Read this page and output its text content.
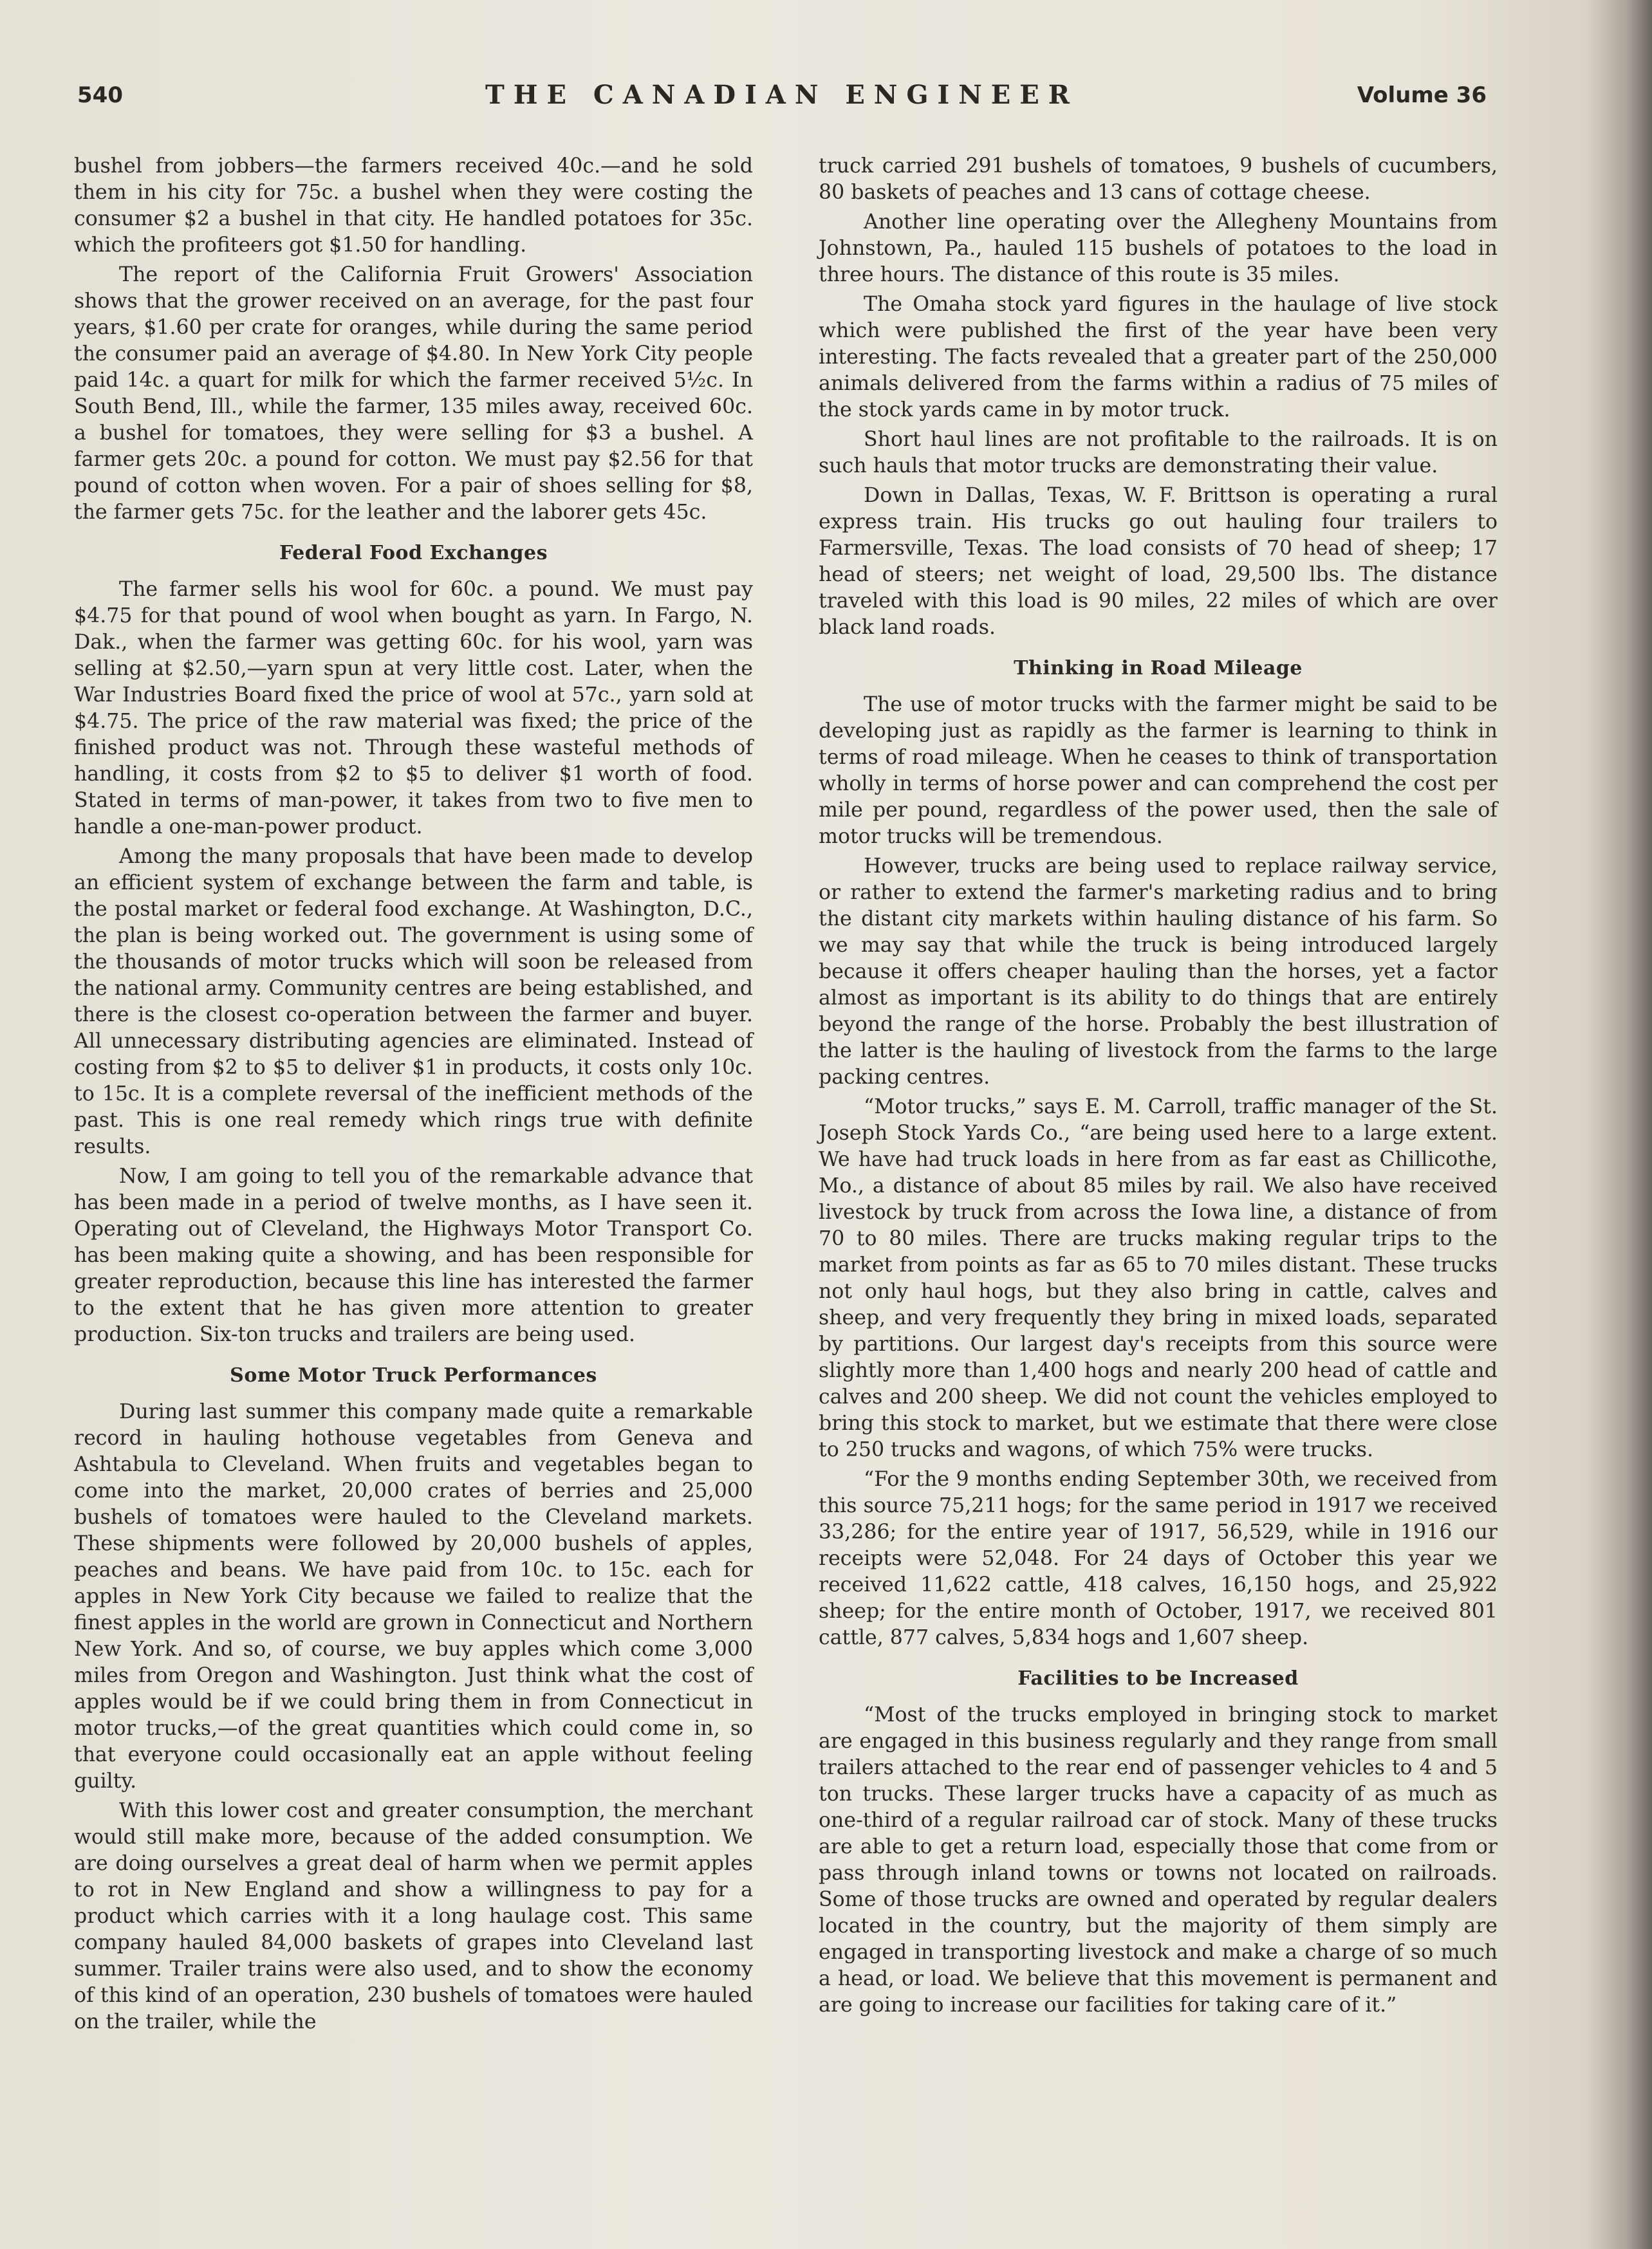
540	THE CANADIAN ENGINEER	Volume 36

bushel from jobbers—the farmers received 40c.—and he sold them in his city for 75c. a bushel when they were costing the consumer $2 a bushel in that city. He handled potatoes for 35c. which the profiteers got $1.50 for handling.

The report of the California Fruit Growers' Association shows that the grower received on an average, for the past four years, $1.60 per crate for oranges, while during the same period the consumer paid an average of $4.80. In New York City people paid 14c. a quart for milk for which the farmer received 5½c. In South Bend, Ill., while the farmer, 135 miles away, received 60c. a bushel for tomatoes, they were selling for $3 a bushel. A farmer gets 20c. a pound for cotton. We must pay $2.56 for that pound of cotton when woven. For a pair of shoes selling for $8, the farmer gets 75c. for the leather and the laborer gets 45c.

Federal Food Exchanges

The farmer sells his wool for 60c. a pound. We must pay $4.75 for that pound of wool when bought as yarn. In Fargo, N. Dak., when the farmer was getting 60c. for his wool, yarn was selling at $2.50,—yarn spun at very little cost. Later, when the War Industries Board fixed the price of wool at 57c., yarn sold at $4.75. The price of the raw material was fixed; the price of the finished product was not. Through these wasteful methods of handling, it costs from $2 to $5 to deliver $1 worth of food. Stated in terms of man-power, it takes from two to five men to handle a one-man-power product.

Among the many proposals that have been made to develop an efficient system of exchange between the farm and table, is the postal market or federal food exchange. At Washington, D.C., the plan is being worked out. The government is using some of the thousands of motor trucks which will soon be released from the national army. Community centres are being established, and there is the closest co-operation between the farmer and buyer. All unnecessary distributing agencies are eliminated. Instead of costing from $2 to $5 to deliver $1 in products, it costs only 10c. to 15c. It is a complete reversal of the inefficient methods of the past. This is one real remedy which rings true with definite results.

Now, I am going to tell you of the remarkable advance that has been made in a period of twelve months, as I have seen it. Operating out of Cleveland, the Highways Motor Transport Co. has been making quite a showing, and has been responsible for greater reproduction, because this line has interested the farmer to the extent that he has given more attention to greater production. Six-ton trucks and trailers are being used.

Some Motor Truck Performances

During last summer this company made quite a remarkable record in hauling hothouse vegetables from Geneva and Ashtabula to Cleveland. When fruits and vegetables began to come into the market, 20,000 crates of berries and 25,000 bushels of tomatoes were hauled to the Cleveland markets. These shipments were followed by 20,000 bushels of apples, peaches and beans. We have paid from 10c. to 15c. each for apples in New York City because we failed to realize that the finest apples in the world are grown in Connecticut and Northern New York. And so, of course, we buy apples which come 3,000 miles from Oregon and Washington. Just think what the cost of apples would be if we could bring them in from Connecticut in motor trucks,—of the great quantities which could come in, so that everyone could occasionally eat an apple without feeling guilty.

With this lower cost and greater consumption, the merchant would still make more, because of the added consumption. We are doing ourselves a great deal of harm when we permit apples to rot in New England and show a willingness to pay for a product which carries with it a long haulage cost. This same company hauled 84,000 baskets of grapes into Cleveland last summer. Trailer trains were also used, and to show the economy of this kind of an operation, 230 bushels of tomatoes were hauled on the trailer, while the

truck carried 291 bushels of tomatoes, 9 bushels of cucumbers, 80 baskets of peaches and 13 cans of cottage cheese.

Another line operating over the Allegheny Mountains from Johnstown, Pa., hauled 115 bushels of potatoes to the load in three hours. The distance of this route is 35 miles.

The Omaha stock yard figures in the haulage of live stock which were published the first of the year have been very interesting. The facts revealed that a greater part of the 250,000 animals delivered from the farms within a radius of 75 miles of the stock yards came in by motor truck.

Short haul lines are not profitable to the railroads. It is on such hauls that motor trucks are demonstrating their value.

Down in Dallas, Texas, W. F. Brittson is operating a rural express train. His trucks go out hauling four trailers to Farmersville, Texas. The load consists of 70 head of sheep; 17 head of steers; net weight of load, 29,500 lbs. The distance traveled with this load is 90 miles, 22 miles of which are over black land roads.

Thinking in Road Mileage

The use of motor trucks with the farmer might be said to be developing just as rapidly as the farmer is learning to think in terms of road mileage. When he ceases to think of transportation wholly in terms of horse power and can comprehend the cost per mile per pound, regardless of the power used, then the sale of motor trucks will be tremendous.

However, trucks are being used to replace railway service, or rather to extend the farmer's marketing radius and to bring the distant city markets within hauling distance of his farm. So we may say that while the truck is being introduced largely because it offers cheaper hauling than the horses, yet a factor almost as important is its ability to do things that are entirely beyond the range of the horse. Probably the best illustration of the latter is the hauling of livestock from the farms to the large packing centres.

“Motor trucks,” says E. M. Carroll, traffic manager of the St. Joseph Stock Yards Co., “are being used here to a large extent. We have had truck loads in here from as far east as Chillicothe, Mo., a distance of about 85 miles by rail. We also have received livestock by truck from across the Iowa line, a distance of from 70 to 80 miles. There are trucks making regular trips to the market from points as far as 65 to 70 miles distant. These trucks not only haul hogs, but they also bring in cattle, calves and sheep, and very frequently they bring in mixed loads, separated by partitions. Our largest day's receipts from this source were slightly more than 1,400 hogs and nearly 200 head of cattle and calves and 200 sheep. We did not count the vehicles employed to bring this stock to market, but we estimate that there were close to 250 trucks and wagons, of which 75% were trucks.

“For the 9 months ending September 30th, we received from this source 75,211 hogs; for the same period in 1917 we received 33,286; for the entire year of 1917, 56,529, while in 1916 our receipts were 52,048. For 24 days of October this year we received 11,622 cattle, 418 calves, 16,150 hogs, and 25,922 sheep; for the entire month of October, 1917, we received 801 cattle, 877 calves, 5,834 hogs and 1,607 sheep.

Facilities to be Increased

“Most of the trucks employed in bringing stock to market are engaged in this business regularly and they range from small trailers attached to the rear end of passenger vehicles to 4 and 5 ton trucks. These larger trucks have a capacity of as much as one-third of a regular railroad car of stock. Many of these trucks are able to get a return load, especially those that come from or pass through inland towns or towns not located on railroads. Some of those trucks are owned and operated by regular dealers located in the country, but the majority of them simply are engaged in transporting livestock and make a charge of so much a head, or load. We believe that this movement is permanent and are going to increase our facilities for taking care of it.”
